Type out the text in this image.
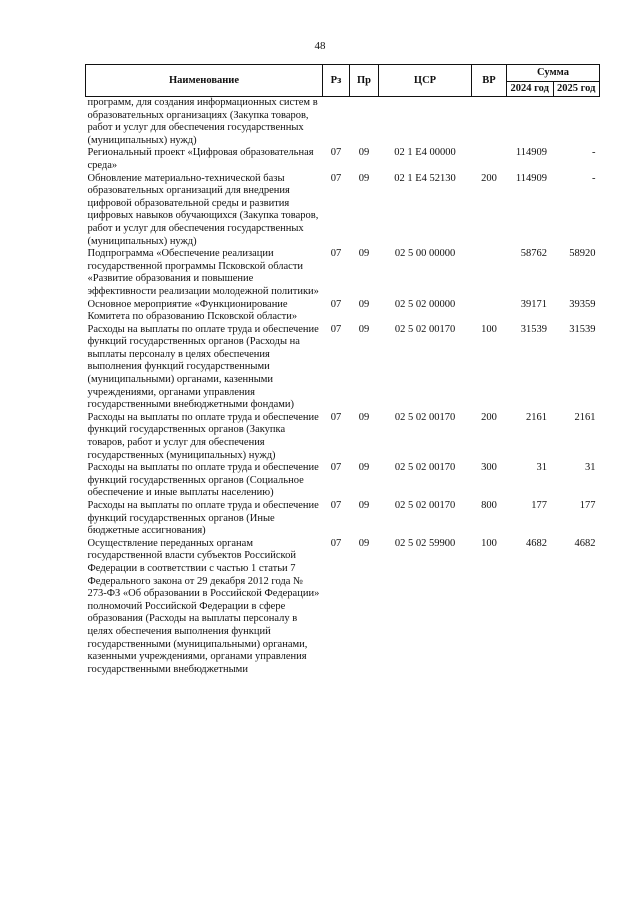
48
Наименование	Рз	Пр	ЦСР	ВР	Сумма	
					2024 год	2025 год
программ, для создания информационных систем в образовательных организациях (Закупка товаров, работ и услуг для обеспечения государственных (муниципальных) нужд)						
Региональный проект «Цифровая образовательная среда»	07	09	02 1 E4 00000		114909	-
Обновление материально-технической базы образовательных организаций для внедрения цифровой образовательной среды и развития цифровых навыков обучающихся (Закупка товаров, работ и услуг для обеспечения государственных (муниципальных) нужд)	07	09	02 1 E4 52130	200	114909	-
Подпрограмма «Обеспечение реализации государственной программы Псковской области «Развитие образования и повышение эффективности реализации молодежной политики»	07	09	02 5 00 00000		58762	58920
Основное мероприятие «Функционирование Комитета по образованию Псковской области»	07	09	02 5 02 00000		39171	39359
Расходы на выплаты по оплате труда и обеспечение функций государственных органов (Расходы на выплаты персоналу в целях обеспечения выполнения функций государственными (муниципальными) органами, казенными учреждениями, органами управления государственными внебюджетными фондами)	07	09	02 5 02 00170	100	31539	31539
Расходы на выплаты по оплате труда и обеспечение функций государственных органов (Закупка товаров, работ и услуг для обеспечения государственных (муниципальных) нужд)	07	09	02 5 02 00170	200	2161	2161
Расходы на выплаты по оплате труда и обеспечение функций государственных органов (Социальное обеспечение и иные выплаты населению)	07	09	02 5 02 00170	300	31	31
Расходы на выплаты по оплате труда и обеспечение функций государственных органов (Иные бюджетные ассигнования)	07	09	02 5 02 00170	800	177	177
Осуществление переданных органам государственной власти субъектов Российской Федерации в соответствии с частью 1 статьи 7 Федерального закона от 29 декабря 2012 года № 273-ФЗ «Об образовании в Российской Федерации» полномочий Российской Федерации в сфере образования (Расходы на выплаты персоналу в целях обеспечения выполнения функций государственными (муниципальными) органами, казенными учреждениями, органами управления государственными внебюджетными	07	09	02 5 02 59900	100	4682	4682
